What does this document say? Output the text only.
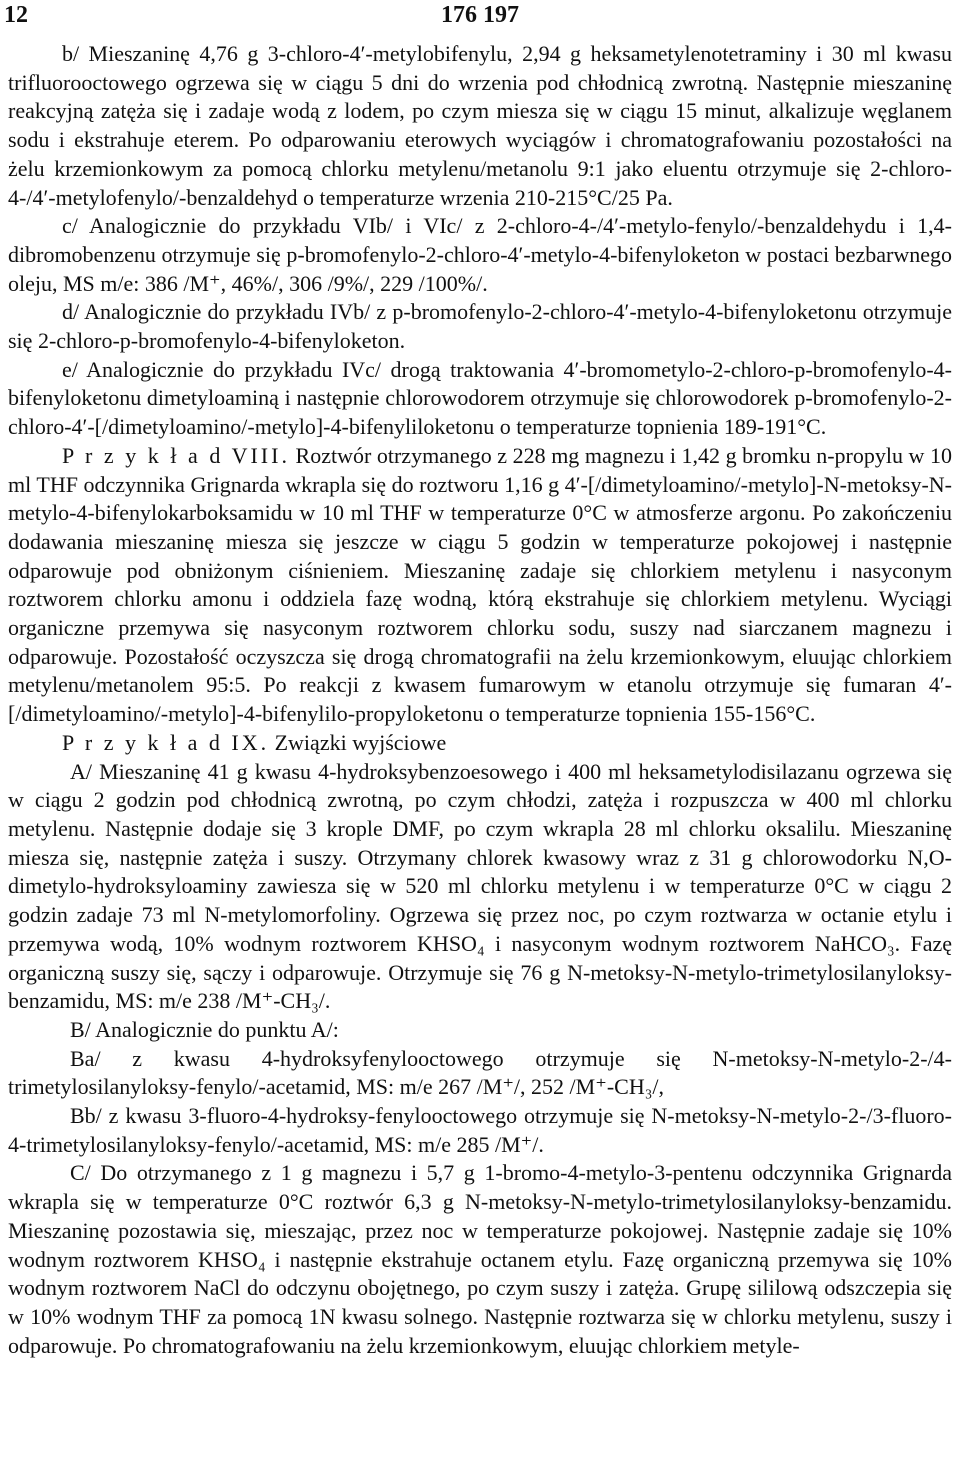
12	176 197

b/ Mieszaninę 4,76 g 3-chloro-4′-metylobifenylu, 2,94 g heksametylenotetraminy i 30 ml kwasu trifluorooctowego ogrzewa się w ciągu 5 dni do wrzenia pod chłodnicą zwrotną. Następnie mieszaninę reakcyjną zatęża się i zadaje wodą z lodem, po czym miesza się w ciągu 15 minut, alkalizuje węglanem sodu i ekstrahuje eterem. Po odparowaniu eterowych wyciągów i chromatografowaniu pozostałości na żelu krzemionkowym za pomocą chlorku metylenu/metanolu 9:1 jako eluentu otrzymuje się 2-chloro-4-/4′-metylofenylo/-benzaldehyd o temperaturze wrzenia 210-215°C/25 Pa.

c/ Analogicznie do przykładu VIb/ i VIc/ z 2-chloro-4-/4′-metylo-fenylo/-benzaldehydu i 1,4-dibromobenzenu otrzymuje się p-bromofenylo-2-chloro-4′-metylo-4-bifenyloketon w postaci bezbarwnego oleju, MS m/e: 386 /M⁺, 46%/, 306 /9%/, 229 /100%/.

d/ Analogicznie do przykładu IVb/ z p-bromofenylo-2-chloro-4′-metylo-4-bifenyloketonu otrzymuje się 2-chloro-p-bromofenylo-4-bifenyloketon.

e/ Analogicznie do przykładu IVc/ drogą traktowania 4′-bromometylo-2-chloro-p-bromofenylo-4-bifenyloketonu dimetyloaminą i następnie chlorowodorem otrzymuje się chlorowodorek p-bromofenylo-2-chloro-4′-[/dimetyloamino/-metylo]-4-bifenyliloketonu o temperaturze topnienia 189-191°C.

P r z y k ł a d VIII. Roztwór otrzymanego z 228 mg magnezu i 1,42 g bromku n-propylu w 10 ml THF odczynnika Grignarda wkrapla się do roztworu 1,16 g 4′-[/dimetyloamino/-metylo]-N-metoksy-N-metylo-4-bifenylokarboksamidu w 10 ml THF w temperaturze 0°C w atmosferze argonu. Po zakończeniu dodawania mieszaninę miesza się jeszcze w ciągu 5 godzin w temperaturze pokojowej i następnie odparowuje pod obniżonym ciśnieniem. Mieszaninę zadaje się chlorkiem metylenu i nasyconym roztworem chlorku amonu i oddziela fazę wodną, którą ekstrahuje się chlorkiem metylenu. Wyciągi organiczne przemywa się nasyconym roztworem chlorku sodu, suszy nad siarczanem magnezu i odparowuje. Pozostałość oczyszcza się drogą chromatografii na żelu krzemionkowym, eluując chlorkiem metylenu/metanolem 95:5. Po reakcji z kwasem fumarowym w etanolu otrzymuje się fumaran 4′-[/dimetyloamino/-metylo]-4-bifenylilo-propyloketonu o temperaturze topnienia 155-156°C.

P r z y k ł a d IX. Związki wyjściowe

A/ Mieszaninę 41 g kwasu 4-hydroksybenzoesowego i 400 ml heksametylodisilazanu ogrzewa się w ciągu 2 godzin pod chłodnicą zwrotną, po czym chłodzi, zatęża i rozpuszcza w 400 ml chlorku metylenu. Następnie dodaje się 3 krople DMF, po czym wkrapla 28 ml chlorku oksalilu. Mieszaninę miesza się, następnie zatęża i suszy. Otrzymany chlorek kwasowy wraz z 31 g chlorowodorku N,O-dimetylo-hydroksyloaminy zawiesza się w 520 ml chlorku metylenu i w temperaturze 0°C w ciągu 2 godzin zadaje 73 ml N-metylomorfoliny. Ogrzewa się przez noc, po czym roztwarza w octanie etylu i przemywa wodą, 10% wodnym roztworem KHSO₄ i nasyconym wodnym roztworem NaHCO₃. Fazę organiczną suszy się, sączy i odparowuje. Otrzymuje się 76 g N-metoksy-N-metylo-trimetylosilanyloksy-benzamidu, MS: m/e 238 /M⁺-CH₃/.

B/ Analogicznie do punktu A/:

Ba/ z kwasu 4-hydroksyfenylooctowego otrzymuje się N-metoksy-N-metylo-2-/4-trimetylosilanyloksy-fenylo/-acetamid, MS: m/e 267 /M⁺/, 252 /M⁺-CH₃/,

Bb/ z kwasu 3-fluoro-4-hydroksy-fenylooctowego otrzymuje się N-metoksy-N-metylo-2-/3-fluoro-4-trimetylosilanyloksy-fenylo/-acetamid, MS: m/e 285 /M⁺/.

C/ Do otrzymanego z 1 g magnezu i 5,7 g 1-bromo-4-metylo-3-pentenu odczynnika Grignarda wkrapla się w temperaturze 0°C roztwór 6,3 g N-metoksy-N-metylo-trimetylosilanyloksy-benzamidu. Mieszaninę pozostawia się, mieszając, przez noc w temperaturze pokojowej. Następnie zadaje się 10% wodnym roztworem KHSO₄ i następnie ekstrahuje octanem etylu. Fazę organiczną przemywa się 10% wodnym roztworem NaCl do odczynu obojętnego, po czym suszy i zatęża. Grupę sililową odszczepia się w 10% wodnym THF za pomocą 1N kwasu solnego. Następnie roztwarza się w chlorku metylenu, suszy i odparowuje. Po chromatografowaniu na żelu krzemionkowym, eluując chlorkiem metyle-
